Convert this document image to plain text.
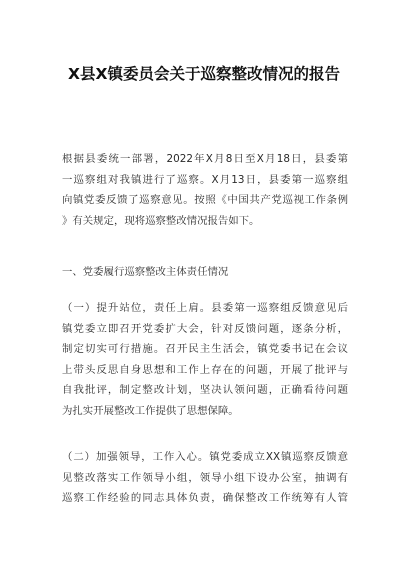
X县X镇委员会关于巡察整改情况的报告
根据县委统一部署，2022年X月8日至X月18日，县委第
一巡察组对我镇进行了巡察。X月13日，县委第一巡察组
向镇党委反馈了巡察意见。按照《中国共产党巡视工作条例
》有关规定，现将巡察整改情况报告如下。
一、党委履行巡察整改主体责任情况
（一）提升站位，责任上肩。县委第一巡察组反馈意见后
镇党委立即召开党委扩大会，针对反馈问题，逐条分析，
制定切实可行措施。召开民主生活会，镇党委书记在会议
上带头反思自身思想和工作上存在的问题，开展了批评与
自我批评，制定整改计划，坚决认领问题，正确看待问题
为扎实开展整改工作提供了思想保障。
（二）加强领导，工作入心。镇党委成立XX镇巡察反馈意
见整改落实工作领导小组，领导小组下设办公室，抽调有
巡察工作经验的同志具体负责，确保整改工作统筹有人管
